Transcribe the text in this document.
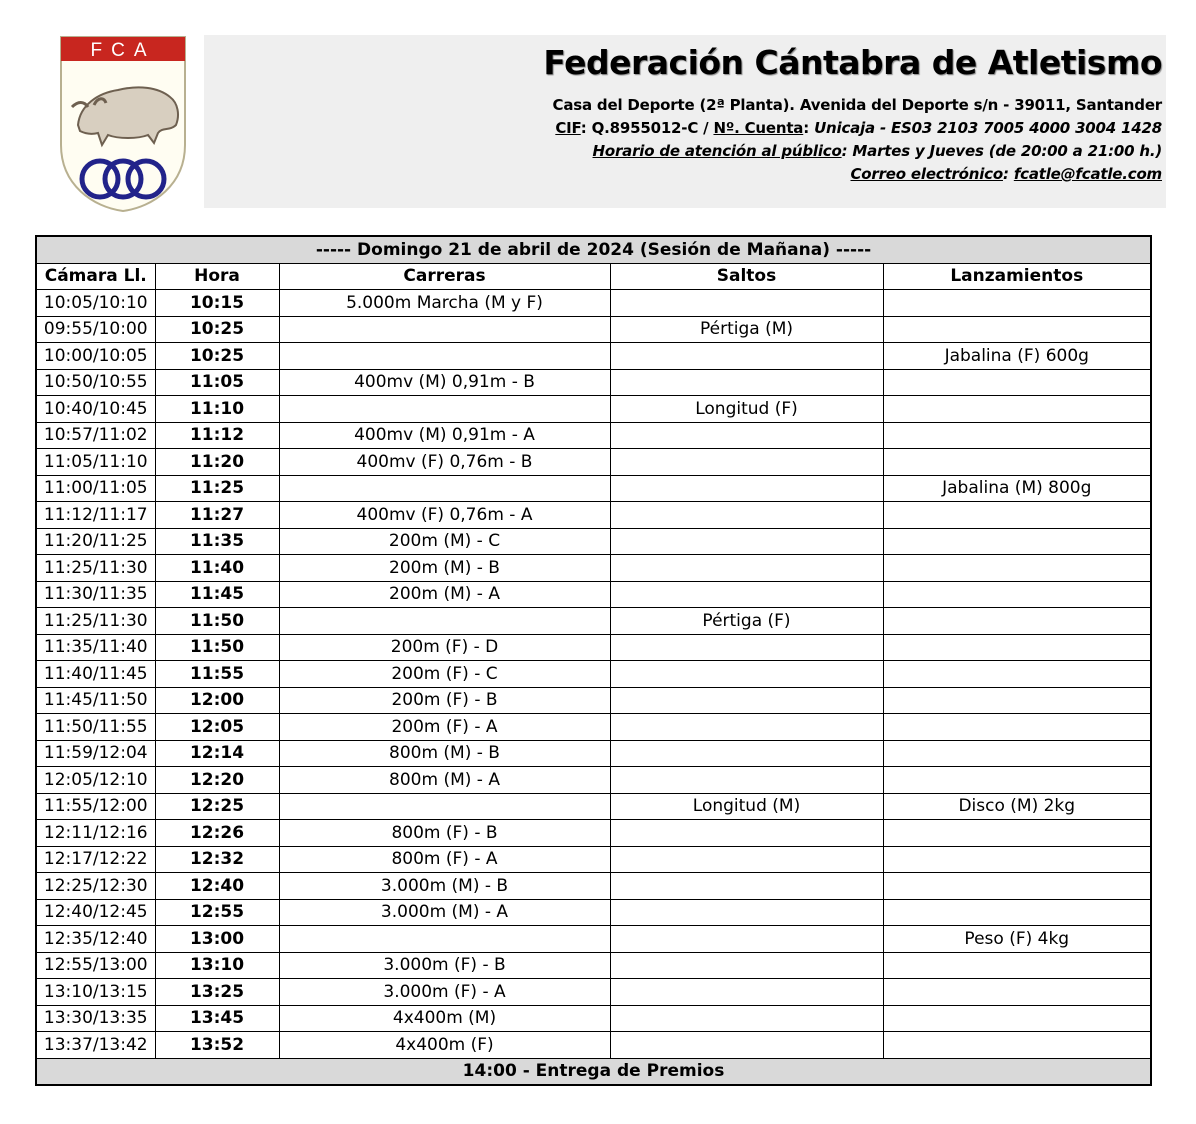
FCA	Federación Cántabra de Atletismo
Casa del Deporte (2ª Planta). Avenida del Deporte s/n - 39011, Santander
CIF: Q.8955012-C / Nº. Cuenta: Unicaja - ES03 2103 7005 4000 3004 1428
Horario de atención al público: Martes y Jueves (de 20:00 a 21:00 h.)
Correo electrónico: fcatle@fcatle.com
----- Domingo 21 de abril de 2024 (Sesión de Mañana) -----				
Cámara Ll.	Hora	Carreras	Saltos	Lanzamientos
10:05/10:10	10:15	5.000m Marcha (M y F)		
09:55/10:00	10:25		Pértiga (M)	
10:00/10:05	10:25			Jabalina (F) 600g
10:50/10:55	11:05	400mv (M) 0,91m - B		
10:40/10:45	11:10		Longitud (F)	
10:57/11:02	11:12	400mv (M) 0,91m - A		
11:05/11:10	11:20	400mv (F) 0,76m - B		
11:00/11:05	11:25			Jabalina (M) 800g
11:12/11:17	11:27	400mv (F) 0,76m - A		
11:20/11:25	11:35	200m (M) - C		
11:25/11:30	11:40	200m (M) - B		
11:30/11:35	11:45	200m (M) - A		
11:25/11:30	11:50		Pértiga (F)	
11:35/11:40	11:50	200m (F) - D		
11:40/11:45	11:55	200m (F) - C		
11:45/11:50	12:00	200m (F) - B		
11:50/11:55	12:05	200m (F) - A		
11:59/12:04	12:14	800m (M) - B		
12:05/12:10	12:20	800m (M) - A		
11:55/12:00	12:25		Longitud (M)	Disco (M) 2kg
12:11/12:16	12:26	800m (F) - B		
12:17/12:22	12:32	800m (F) - A		
12:25/12:30	12:40	3.000m (M) - B		
12:40/12:45	12:55	3.000m (M) - A		
12:35/12:40	13:00			Peso (F) 4kg
12:55/13:00	13:10	3.000m (F) - B		
13:10/13:15	13:25	3.000m (F) - A		
13:30/13:35	13:45	4x400m (M)		
13:37/13:42	13:52	4x400m (F)		
14:00 - Entrega de Premios				
